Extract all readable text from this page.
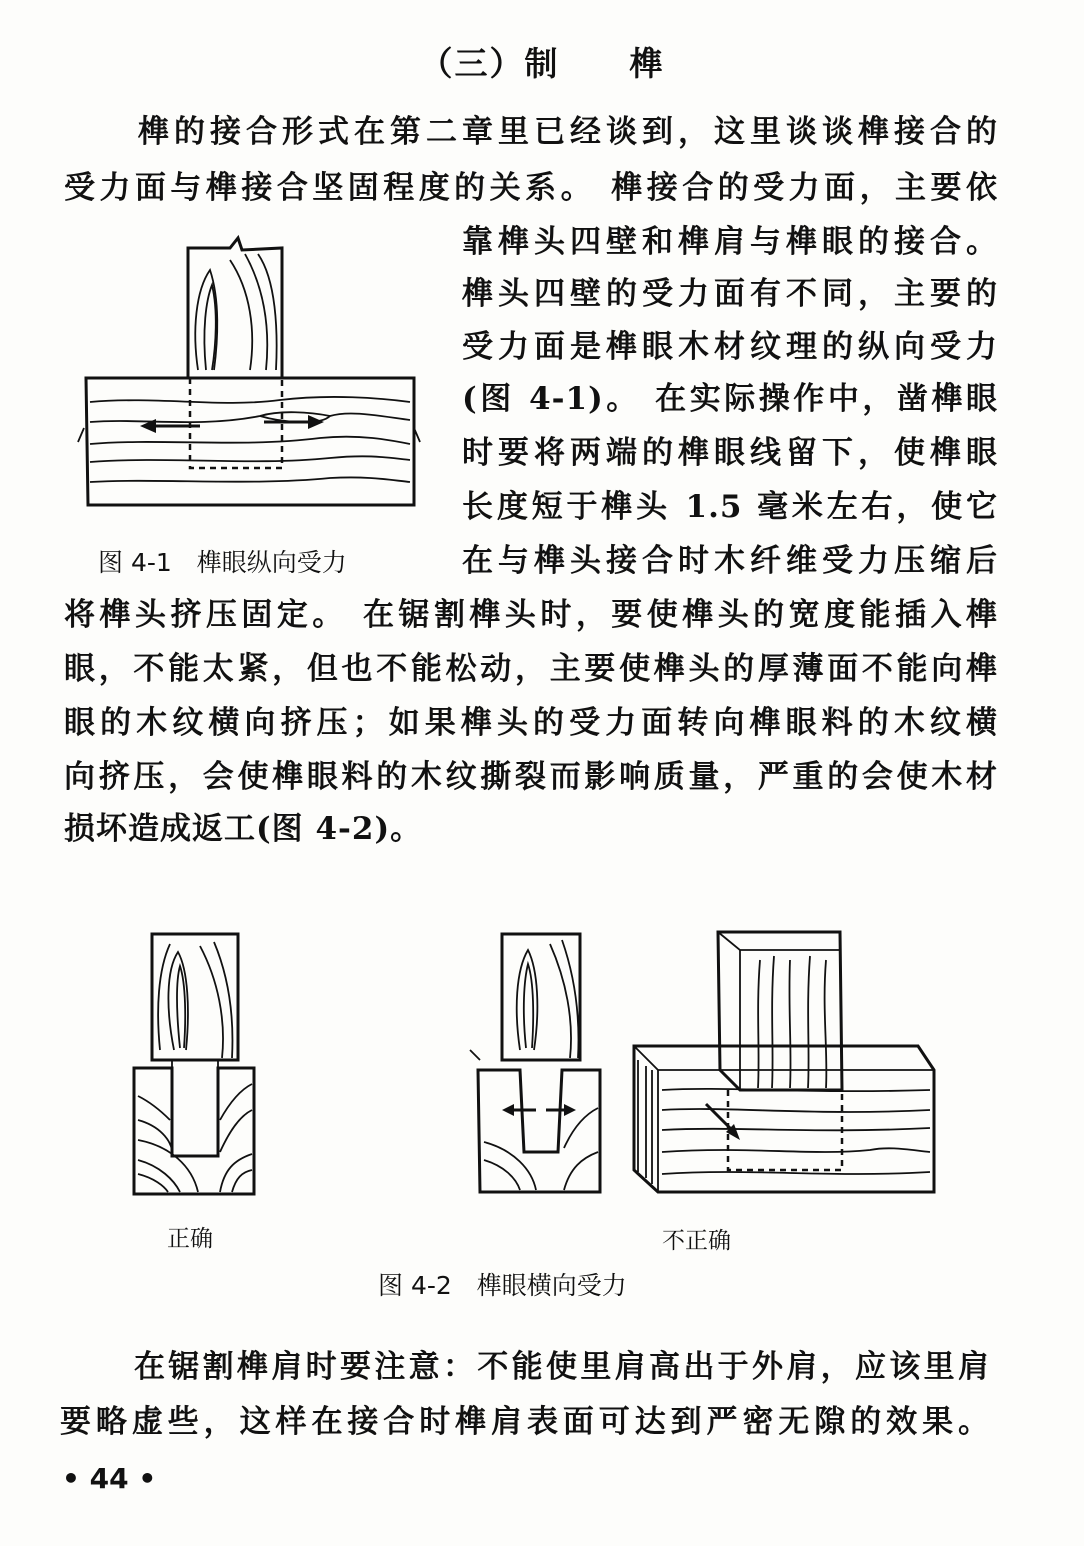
（三）制　　榫
榫的接合形式在第二章里已经谈到，这里谈谈榫接合的
受力面与榫接合坚固程度的关系。 榫接合的受力面，主要依
靠榫头四壁和榫肩与榫眼的接合。
榫头四壁的受力面有不同，主要的
受力面是榫眼木材纹理的纵向受力
(图 4-1)。 在实际操作中，凿榫眼
时要将两端的榫眼线留下，使榫眼
长度短于榫头 1.5 毫米左右，使它
在与榫头接合时木纤维受力压缩后
将榫头挤压固定。 在锯割榫头时，要使榫头的宽度能插入榫
眼，不能太紧，但也不能松动，主要使榫头的厚薄面不能向榫
眼的木纹横向挤压；如果榫头的受力面转向榫眼料的木纹横
向挤压，会使榫眼料的木纹撕裂而影响质量，严重的会使木材
损坏造成返工(图 4-2)。
图 4-1　榫眼纵向受力
正确	不正确
图 4-2　榫眼横向受力
在锯割榫肩时要注意：不能使里肩高出于外肩，应该里肩
要略虚些，这样在接合时榫肩表面可达到严密无隙的效果。
• 44 •
